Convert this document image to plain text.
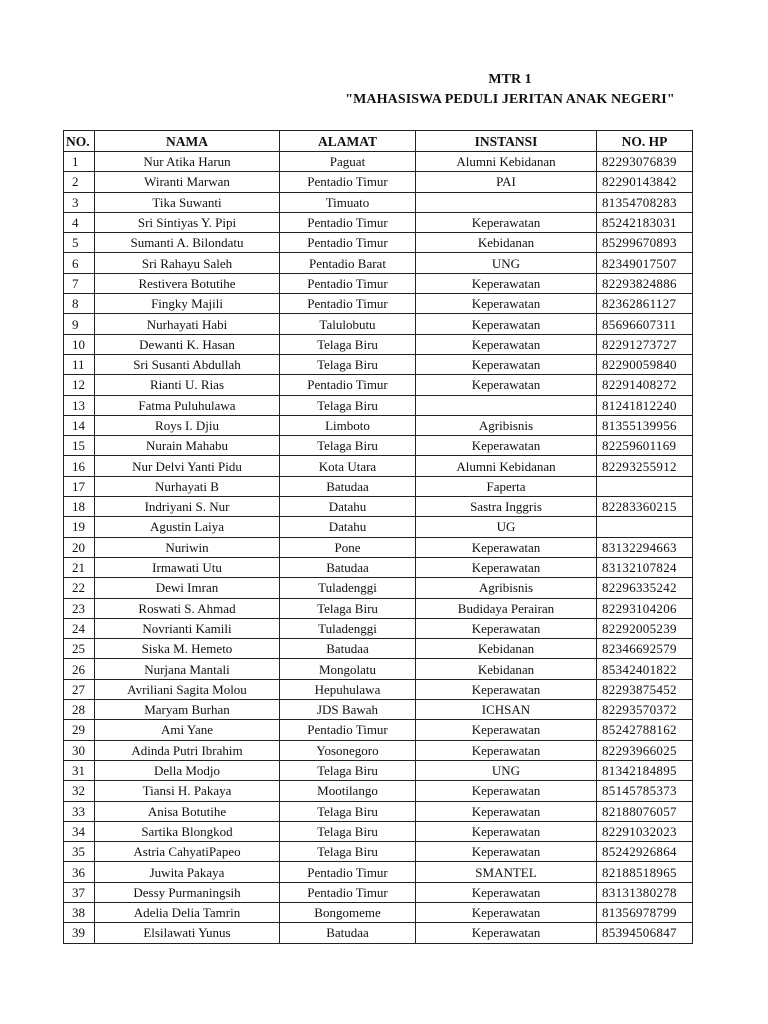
MTR 1
"MAHASISWA PEDULI JERITAN ANAK NEGERI"
NO.	NAMA	ALAMAT	INSTANSI	NO. HP
1	Nur Atika Harun	Paguat	Alumni Kebidanan	82293076839
2	Wiranti Marwan	Pentadio Timur	PAI	82290143842
3	Tika Suwanti	Timuato		81354708283
4	Sri Sintiyas Y. Pipi	Pentadio Timur	Keperawatan	85242183031
5	Sumanti A. Bilondatu	Pentadio Timur	Kebidanan	85299670893
6	Sri Rahayu Saleh	Pentadio Barat	UNG	82349017507
7	Restivera Botutihe	Pentadio Timur	Keperawatan	82293824886
8	Fingky Majili	Pentadio Timur	Keperawatan	82362861127
9	Nurhayati Habi	Talulobutu	Keperawatan	85696607311
10	Dewanti K. Hasan	Telaga Biru	Keperawatan	82291273727
11	Sri Susanti Abdullah	Telaga Biru	Keperawatan	82290059840
12	Rianti U. Rias	Pentadio Timur	Keperawatan	82291408272
13	Fatma Puluhulawa	Telaga Biru		81241812240
14	Roys I. Djiu	Limboto	Agribisnis	81355139956
15	Nurain Mahabu	Telaga Biru	Keperawatan	82259601169
16	Nur Delvi Yanti Pidu	Kota Utara	Alumni Kebidanan	82293255912
17	Nurhayati B	Batudaa	Faperta	
18	Indriyani S. Nur	Datahu	Sastra Inggris	82283360215
19	Agustin Laiya	Datahu	UG	
20	Nuriwin	Pone	Keperawatan	83132294663
21	Irmawati Utu	Batudaa	Keperawatan	83132107824
22	Dewi Imran	Tuladenggi	Agribisnis	82296335242
23	Roswati S. Ahmad	Telaga Biru	Budidaya Perairan	82293104206
24	Novrianti Kamili	Tuladenggi	Keperawatan	82292005239
25	Siska M. Hemeto	Batudaa	Kebidanan	82346692579
26	Nurjana Mantali	Mongolatu	Kebidanan	85342401822
27	Avriliani Sagita Molou	Hepuhulawa	Keperawatan	82293875452
28	Maryam Burhan	JDS Bawah	ICHSAN	82293570372
29	Ami Yane	Pentadio Timur	Keperawatan	85242788162
30	Adinda Putri Ibrahim	Yosonegoro	Keperawatan	82293966025
31	Della Modjo	Telaga Biru	UNG	81342184895
32	Tiansi H. Pakaya	Mootilango	Keperawatan	85145785373
33	Anisa Botutihe	Telaga Biru	Keperawatan	82188076057
34	Sartika Blongkod	Telaga Biru	Keperawatan	82291032023
35	Astria CahyatiPapeo	Telaga Biru	Keperawatan	85242926864
36	Juwita Pakaya	Pentadio Timur	SMANTEL	82188518965
37	Dessy Purmaningsih	Pentadio Timur	Keperawatan	83131380278
38	Adelia Delia Tamrin	Bongomeme	Keperawatan	81356978799
39	Elsilawati Yunus	Batudaa	Keperawatan	85394506847
